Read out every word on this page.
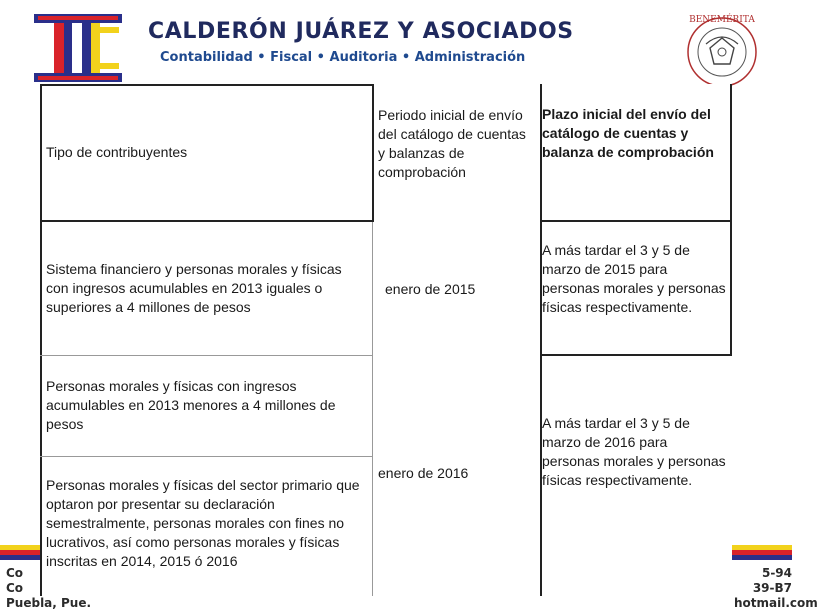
CALDERÓN JUÁREZ Y ASOCIADOS
Contabilidad • Fiscal • Auditoria • Administración
BENEMÉRITA
Co
Co
Puebla, Pue.
5-94
39-B7
hotmail.com
Tipo de contribuyentes
Periodo inicial de envío del catálogo de cuentas y balanzas de comprobación
Plazo inicial del envío del catálogo de cuentas y balanza de comprobación
Sistema financiero y personas morales y físicas con ingresos acumulables en 2013 iguales o superiores a 4 millones de pesos
enero de 2015
A más tardar el 3 y 5 de marzo de 2015 para personas morales y personas físicas respectivamente.
Personas morales y físicas con ingresos acumulables en 2013 menores a 4 millones de pesos
Personas morales y físicas del sector primario que optaron por presentar su declaración semestralmente, personas morales con fines no lucrativos, así como personas morales y físicas inscritas en 2014, 2015 ó 2016
enero de 2016
A más tardar el 3 y 5 de marzo de 2016 para personas morales y personas físicas respectivamente.
